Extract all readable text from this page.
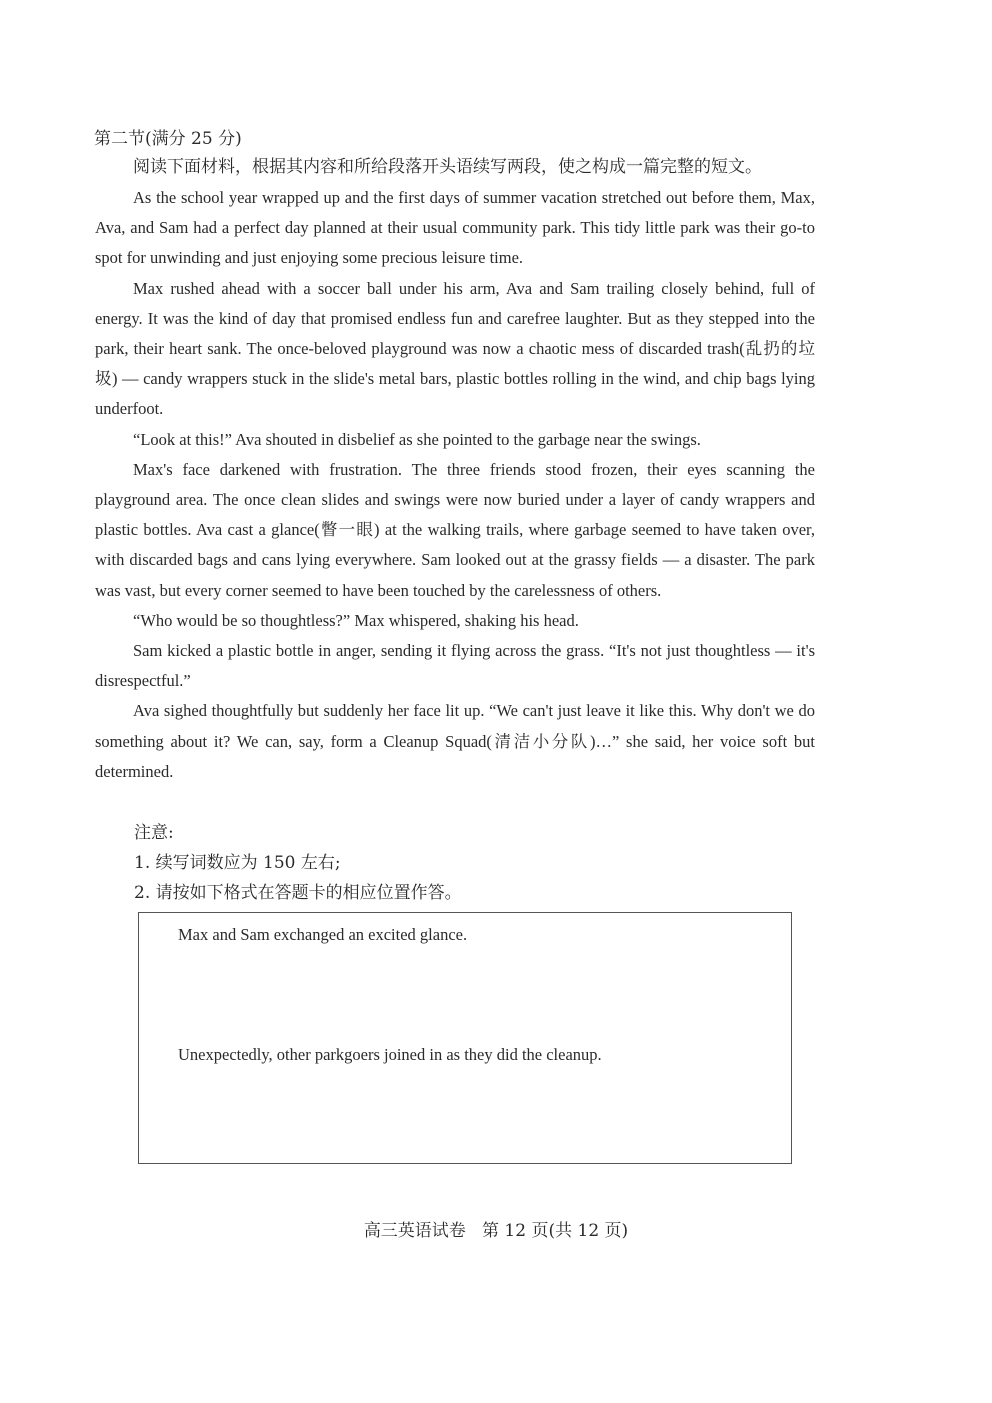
第二节(满分 25 分)
阅读下面材料，根据其内容和所给段落开头语续写两段，使之构成一篇完整的短文。

As the school year wrapped up and the first days of summer vacation stretched out before them, Max, Ava, and Sam had a perfect day planned at their usual community park. This tidy little park was their go-to spot for unwinding and just enjoying some precious leisure time.

Max rushed ahead with a soccer ball under his arm, Ava and Sam trailing closely behind, full of energy. It was the kind of day that promised endless fun and carefree laughter. But as they stepped into the park, their heart sank. The once-beloved playground was now a chaotic mess of discarded trash(乱扔的垃圾) — candy wrappers stuck in the slide's metal bars, plastic bottles rolling in the wind, and chip bags lying underfoot.

“Look at this!” Ava shouted in disbelief as she pointed to the garbage near the swings.

Max's face darkened with frustration. The three friends stood frozen, their eyes scanning the playground area. The once clean slides and swings were now buried under a layer of candy wrappers and plastic bottles. Ava cast a glance(瞥一眼) at the walking trails, where garbage seemed to have taken over, with discarded bags and cans lying everywhere. Sam looked out at the grassy fields — a disaster. The park was vast, but every corner seemed to have been touched by the carelessness of others.

“Who would be so thoughtless?” Max whispered, shaking his head.

Sam kicked a plastic bottle in anger, sending it flying across the grass. “It's not just thoughtless — it's disrespectful.”

Ava sighed thoughtfully but suddenly her face lit up. “We can't just leave it like this. Why don't we do something about it? We can, say, form a Cleanup Squad(清洁小分队)…” she said, her voice soft but determined.

注意:
1. 续写词数应为 150 左右;
2. 请按如下格式在答题卡的相应位置作答。
Max and Sam exchanged an excited glance.
Unexpectedly, other parkgoers joined in as they did the cleanup.
高三英语试卷   第 12 页(共 12 页)
